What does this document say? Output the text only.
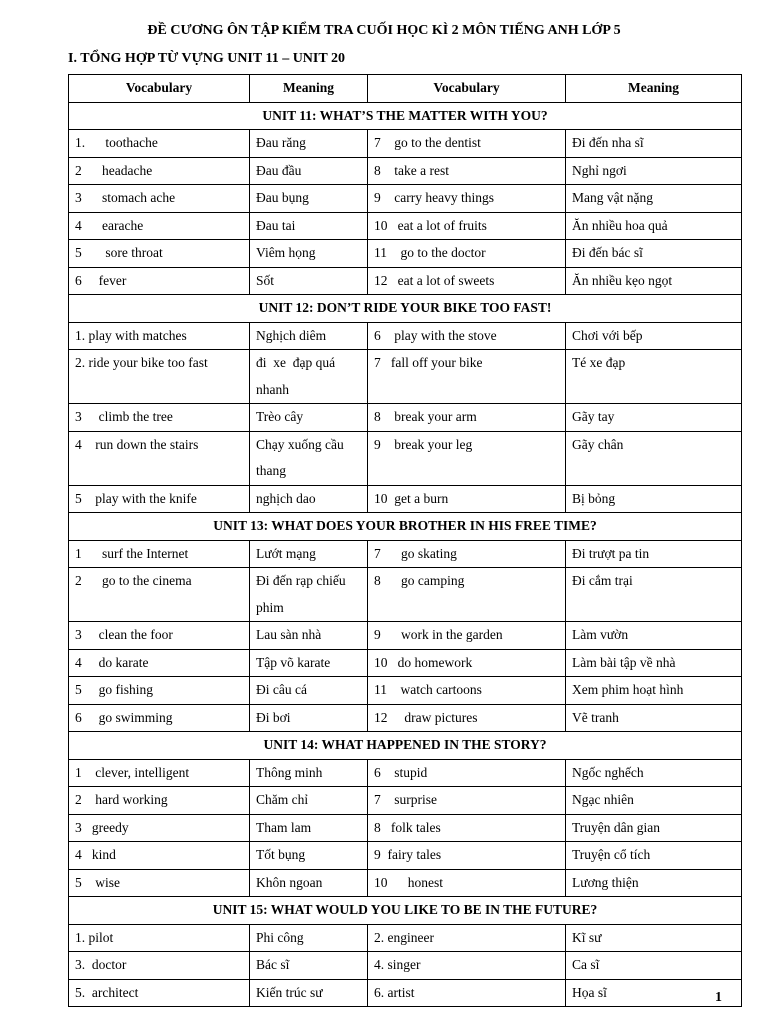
ĐỀ CƯƠNG ÔN TẬP KIỂM TRA CUỐI HỌC KÌ 2 MÔN TIẾNG ANH LỚP 5
I. TỔNG HỢP TỪ VỰNG UNIT 11 – UNIT 20
Vocabulary	Meaning	Vocabulary	Meaning
UNIT 11: WHAT’S THE MATTER WITH YOU?			
1.      toothache	Đau răng	7    go to the dentist	Đi đến nha sĩ
2      headache	Đau đầu	8    take a rest	Nghỉ ngơi
3      stomach ache	Đau bụng	9    carry heavy things	Mang vật nặng
4      earache	Đau tai	10   eat a lot of fruits	Ăn nhiều hoa quả
5       sore throat	Viêm họng	11    go to the doctor	Đi đến bác sĩ
6     fever	Sốt	12   eat a lot of sweets	Ăn nhiều kẹo ngọt
UNIT 12: DON’T RIDE YOUR BIKE TOO FAST!			
1. play with matches	Nghịch diêm	6    play with the stove	Chơi với bếp
2. ride your bike too fast	đi  xe  đạp quá nhanh	7   fall off your bike	Té xe đạp
3     climb the tree	Trèo cây	8    break your arm	Gãy tay
4    run down the stairs	Chạy xuống cầu thang	9    break your leg	Gãy chân
5    play with the knife	nghịch dao	10  get a burn	Bị bỏng
UNIT 13: WHAT DOES YOUR BROTHER IN HIS FREE TIME?			
1      surf the Internet	Lướt mạng	7      go skating	Đi trượt pa tin
2      go to the cinema	Đi đến rạp chiếu phim	8      go camping	Đi cắm trại
3     clean the foor	Lau sàn nhà	9      work in the garden	Làm vườn
4     do karate	Tập võ karate	10   do homework	Làm bài tập về nhà
5     go fishing	Đi câu cá	11    watch cartoons	Xem phim hoạt hình
6     go swimming	Đi bơi	12     draw pictures	Vẽ tranh
UNIT 14: WHAT HAPPENED IN THE STORY?			
1    clever, intelligent	Thông minh	6    stupid	Ngốc nghếch
2    hard working	Chăm chỉ	7    surprise	Ngạc nhiên
3   greedy	Tham lam	8   folk tales	Truyện dân gian
4   kind	Tốt bụng	9  fairy tales	Truyện cổ tích
5    wise	Khôn ngoan	10      honest	Lương thiện
UNIT 15: WHAT WOULD YOU LIKE TO BE IN THE FUTURE?			
1. pilot	Phi công	2. engineer	Kĩ sư
3.  doctor	Bác sĩ	4. singer	Ca sĩ
5.  architect	Kiến trúc sư	6. artist	Họa sĩ	1
